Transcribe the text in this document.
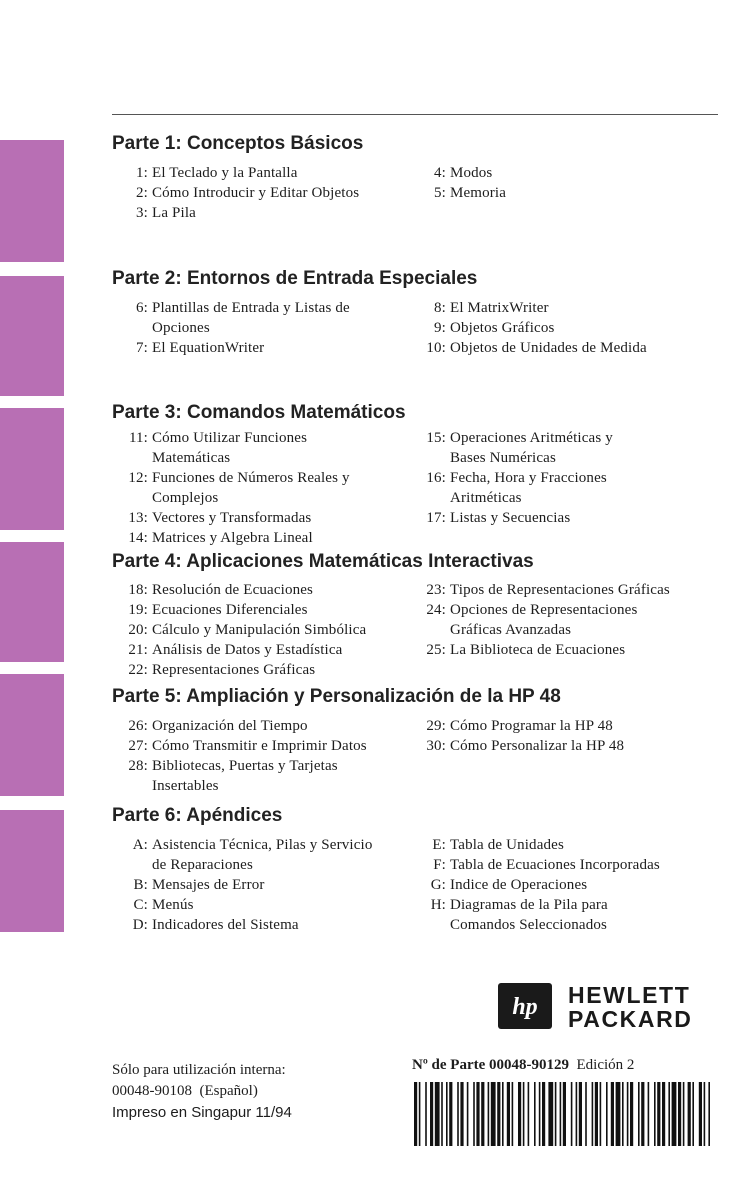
Parte 1: Conceptos Básicos
1: El Teclado y la Pantalla
2: Cómo Introducir y Editar Objetos
3: La Pila
4: Modos
5: Memoria
Parte 2: Entornos de Entrada Especiales
6: Plantillas de Entrada y Listas de
Opciones
7: El EquationWriter
8: El MatrixWriter
9: Objetos Gráficos
10: Objetos de Unidades de Medida
Parte 3: Comandos Matemáticos
11: Cómo Utilizar Funciones
Matemáticas
12: Funciones de Números Reales y
Complejos
13: Vectores y Transformadas
14: Matrices y Algebra Lineal
15: Operaciones Aritméticas y
Bases Numéricas
16: Fecha, Hora y Fracciones
Aritméticas
17: Listas y Secuencias
Parte 4: Aplicaciones Matemáticas Interactivas
18: Resolución de Ecuaciones
19: Ecuaciones Diferenciales
20: Cálculo y Manipulación Simbólica
21: Análisis de Datos y Estadística
22: Representaciones Gráficas
23: Tipos de Representaciones Gráficas
24: Opciones de Representaciones
Gráficas Avanzadas
25: La Biblioteca de Ecuaciones
Parte 5: Ampliación y Personalización de la HP 48
26: Organización del Tiempo
27: Cómo Transmitir e Imprimir Datos
28: Bibliotecas, Puertas y Tarjetas
Insertables
29: Cómo Programar la HP 48
30: Cómo Personalizar la HP 48
Parte 6: Apéndices
A: Asistencia Técnica, Pilas y Servicio
de Reparaciones
B: Mensajes de Error
C: Menús
D: Indicadores del Sistema
E: Tabla de Unidades
F: Tabla de Ecuaciones Incorporadas
G: Indice de Operaciones
H: Diagramas de la Pila para
Comandos Seleccionados
hp HEWLETT
PACKARD
Sólo para utilización interna:
00048-90108  (Español)
Impreso en Singapur 11/94
Nº de Parte 00048-90129 Edición 2
